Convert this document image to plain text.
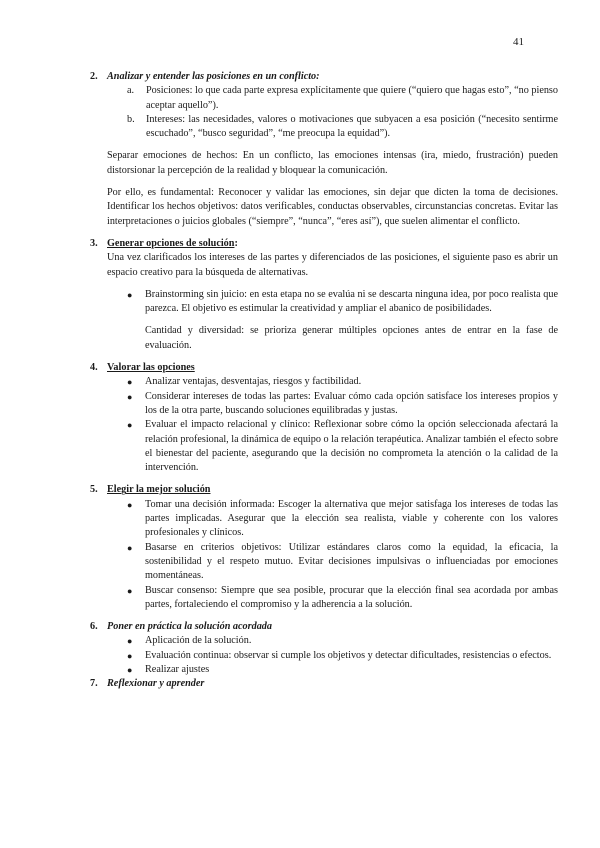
41
2. Analizar y entender las posiciones en un conflicto:
a.	Posiciones: lo que cada parte expresa explícitamente que quiere (“quiero que hagas esto”, “no pienso aceptar aquello”).
b.	Intereses: las necesidades, valores o motivaciones que subyacen a esa posición (“necesito sentirme escuchado”, “busco seguridad”, “me preocupa la equidad”).

Separar emociones de hechos: En un conflicto, las emociones intensas (ira, miedo, frustración) pueden distorsionar la percepción de la realidad y bloquear la comunicación.

Por ello, es fundamental: Reconocer y validar las emociones, sin dejar que dicten la toma de decisiones. Identificar los hechos objetivos: datos verificables, conductas observables, circunstancias concretas. Evitar las interpretaciones o juicios globales (“siempre”, “nunca”, “eres así”), que suelen alimentar el conflicto.

3. Generar opciones de solución:

Una vez clarificados los intereses de las partes y diferenciados de las posiciones, el siguiente paso es abrir un espacio creativo para la búsqueda de alternativas.

●	Brainstorming sin juicio: en esta etapa no se evalúa ni se descarta ninguna idea, por poco realista que parezca. El objetivo es estimular la creatividad y ampliar el abanico de posibilidades.

Cantidad y diversidad: se prioriza generar múltiples opciones antes de entrar en la fase de evaluación.

4. Valorar las opciones
●	Analizar ventajas, desventajas, riesgos y factibilidad.
●	Considerar intereses de todas las partes: Evaluar cómo cada opción satisface los intereses propios y los de la otra parte, buscando soluciones equilibradas y justas.
●	Evaluar el impacto relacional y clínico: Reflexionar sobre cómo la opción seleccionada afectará la relación profesional, la dinámica de equipo o la relación terapéutica. Analizar también el efecto sobre el bienestar del paciente, asegurando que la decisión no comprometa la atención o la calidad de la intervención.
5. Elegir la mejor solución
●	Tomar una decisión informada: Escoger la alternativa que mejor satisfaga los intereses de todas las partes implicadas. Asegurar que la elección sea realista, viable y coherente con los valores profesionales y clínicos.
●	Basarse en criterios objetivos: Utilizar estándares claros como la equidad, la eficacia, la sostenibilidad y el respeto mutuo. Evitar decisiones impulsivas o influenciadas por emociones momentáneas.
●	Buscar consenso: Siempre que sea posible, procurar que la elección final sea acordada por ambas partes, fortaleciendo el compromiso y la adherencia a la solución.
6. Poner en práctica la solución acordada
●	Aplicación de la solución.
●	Evaluación continua: observar si cumple los objetivos y detectar dificultades, resistencias o efectos.
●	Realizar ajustes
7. Reflexionar y aprender
